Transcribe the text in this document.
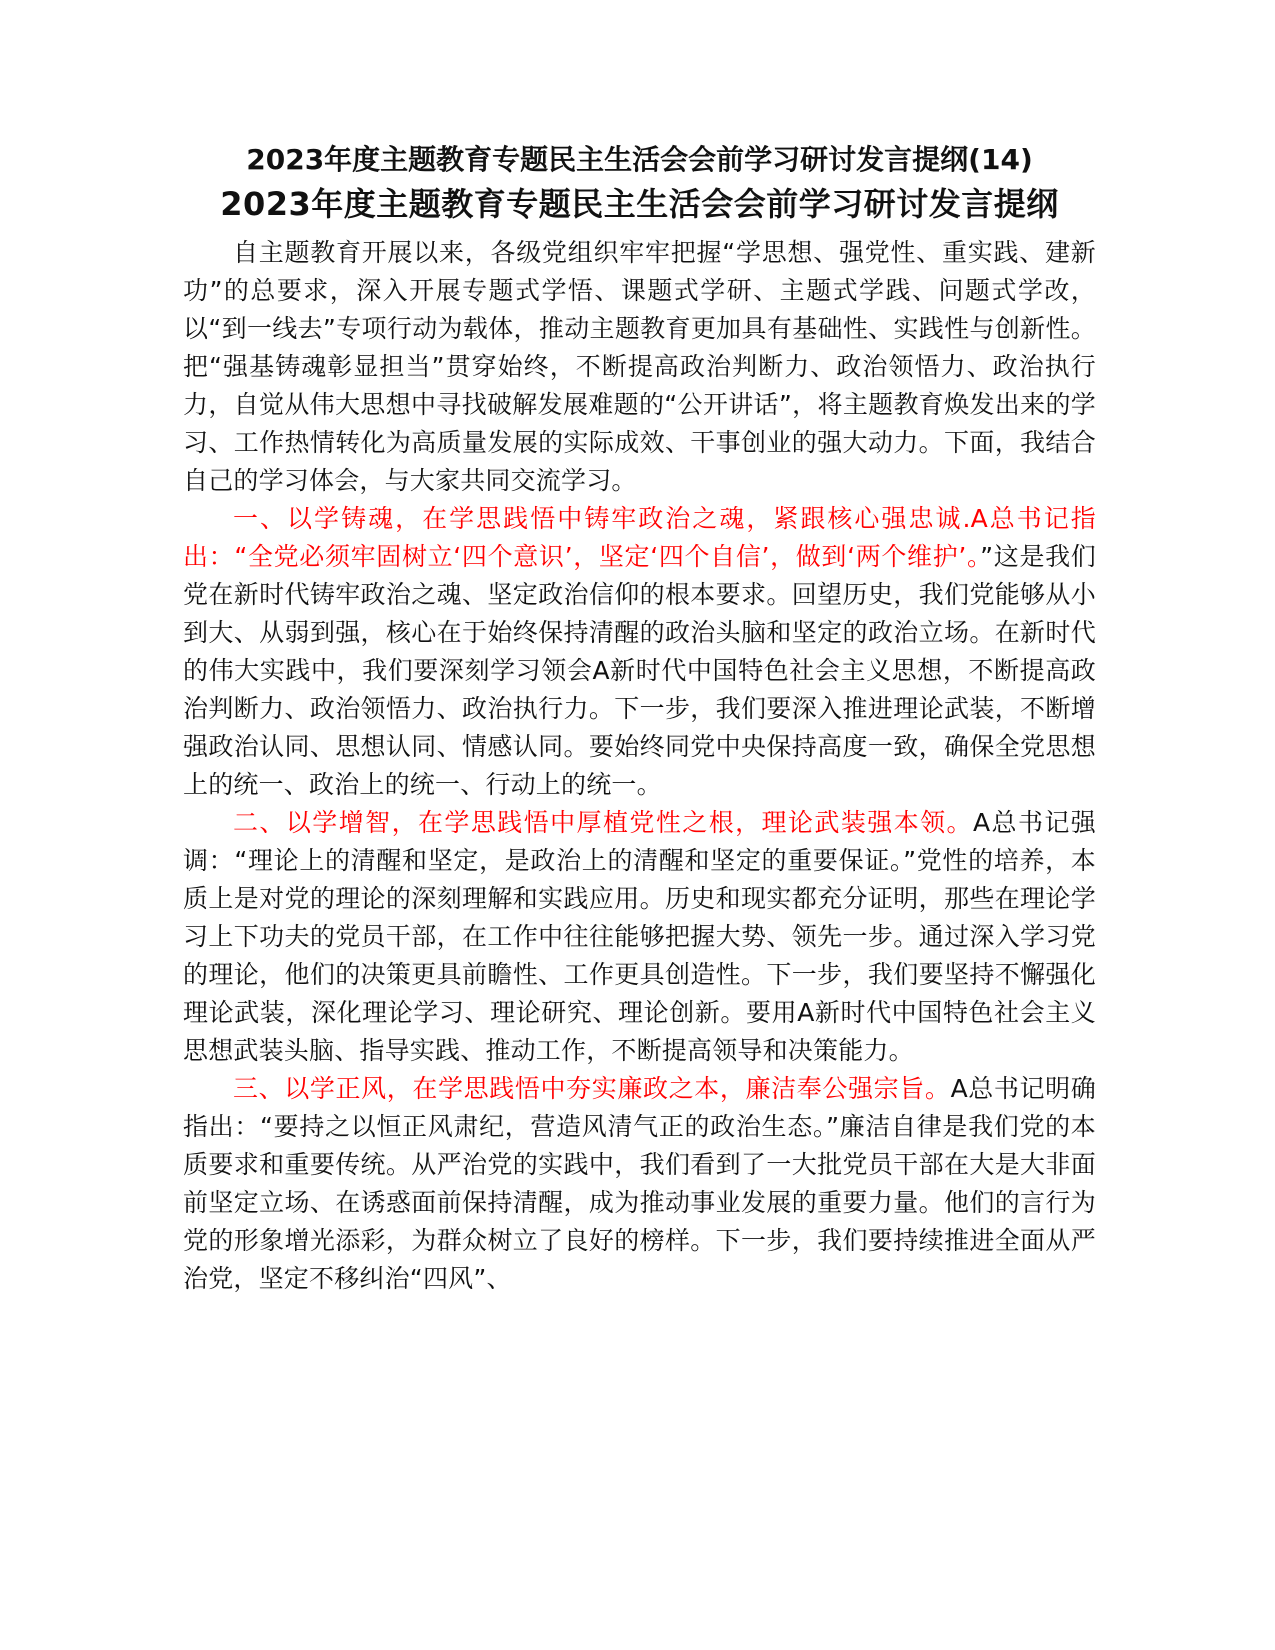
2023年度主题教育专题民主生活会会前学习研讨发言提纲(14)
2023年度主题教育专题民主生活会会前学习研讨发言提纲

自主题教育开展以来，各级党组织牢牢把握“学思想、强党性、重实践、建新功”的总要求，深入开展专题式学悟、课题式学研、主题式学践、问题式学改，以“到一线去”专项行动为载体，推动主题教育更加具有基础性、实践性与创新性。把“强基铸魂彰显担当”贯穿始终，不断提高政治判断力、政治领悟力、政治执行力，自觉从伟大思想中寻找破解发展难题的“公开讲话”，将主题教育焕发出来的学习、工作热情转化为高质量发展的实际成效、干事创业的强大动力。下面，我结合自己的学习体会，与大家共同交流学习。

一、以学铸魂，在学思践悟中铸牢政治之魂，紧跟核心强忠诚.A总书记指出：“全党必须牢固树立‘四个意识’，坚定‘四个自信’，做到‘两个维护’。”这是我们党在新时代铸牢政治之魂、坚定政治信仰的根本要求。回望历史，我们党能够从小到大、从弱到强，核心在于始终保持清醒的政治头脑和坚定的政治立场。在新时代的伟大实践中，我们要深刻学习领会A新时代中国特色社会主义思想，不断提高政治判断力、政治领悟力、政治执行力。下一步，我们要深入推进理论武装，不断增强政治认同、思想认同、情感认同。要始终同党中央保持高度一致，确保全党思想上的统一、政治上的统一、行动上的统一。

二、以学增智，在学思践悟中厚植党性之根，理论武装强本领。A总书记强调：“理论上的清醒和坚定，是政治上的清醒和坚定的重要保证。”党性的培养，本质上是对党的理论的深刻理解和实践应用。历史和现实都充分证明，那些在理论学习上下功夫的党员干部，在工作中往往能够把握大势、领先一步。通过深入学习党的理论，他们的决策更具前瞻性、工作更具创造性。下一步，我们要坚持不懈强化理论武装，深化理论学习、理论研究、理论创新。要用A新时代中国特色社会主义思想武装头脑、指导实践、推动工作，不断提高领导和决策能力。

三、以学正风，在学思践悟中夯实廉政之本，廉洁奉公强宗旨。A总书记明确指出：“要持之以恒正风肃纪，营造风清气正的政治生态。”廉洁自律是我们党的本质要求和重要传统。从严治党的实践中，我们看到了一大批党员干部在大是大非面前坚定立场、在诱惑面前保持清醒，成为推动事业发展的重要力量。他们的言行为党的形象增光添彩，为群众树立了良好的榜样。下一步，我们要持续推进全面从严治党，坚定不移纠治“四风”、
